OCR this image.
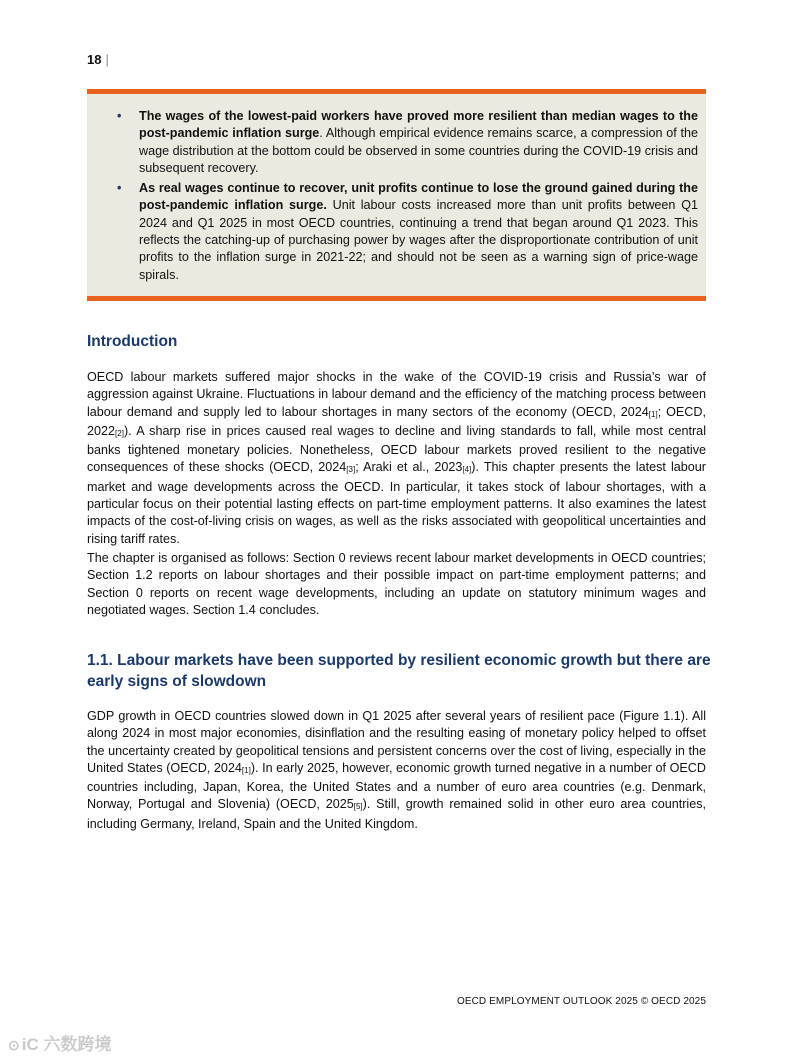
18 |
• The wages of the lowest-paid workers have proved more resilient than median wages to the post-pandemic inflation surge. Although empirical evidence remains scarce, a compression of the wage distribution at the bottom could be observed in some countries during the COVID-19 crisis and subsequent recovery.
• As real wages continue to recover, unit profits continue to lose the ground gained during the post-pandemic inflation surge. Unit labour costs increased more than unit profits between Q1 2024 and Q1 2025 in most OECD countries, continuing a trend that began around Q1 2023. This reflects the catching-up of purchasing power by wages after the disproportionate contribution of unit profits to the inflation surge in 2021-22; and should not be seen as a warning sign of price-wage spirals.
Introduction

OECD labour markets suffered major shocks in the wake of the COVID-19 crisis and Russia’s war of aggression against Ukraine. Fluctuations in labour demand and the efficiency of the matching process between labour demand and supply led to labour shortages in many sectors of the economy (OECD, $2024_{[1]}$; OECD, $2022_{[2]}$). A sharp rise in prices caused real wages to decline and living standards to fall, while most central banks tightened monetary policies. Nonetheless, OECD labour markets proved resilient to the negative consequences of these shocks (OECD, $2024_{[3]}$; Araki et al., $2023_{[4]}$). This chapter presents the latest labour market and wage developments across the OECD. In particular, it takes stock of labour shortages, with a particular focus on their potential lasting effects on part-time employment patterns. It also examines the latest impacts of the cost-of-living crisis on wages, as well as the risks associated with geopolitical uncertainties and rising tariff rates.

The chapter is organised as follows: Section 0 reviews recent labour market developments in OECD countries; Section 1.2 reports on labour shortages and their possible impact on part-time employment patterns; and Section 0 reports on recent wage developments, including an update on statutory minimum wages and negotiated wages. Section 1.4 concludes.

1.1. Labour markets have been supported by resilient economic growth but there are early signs of slowdown

GDP growth in OECD countries slowed down in Q1 2025 after several years of resilient pace (Figure 1.1). All along 2024 in most major economies, disinflation and the resulting easing of monetary policy helped to offset the uncertainty created by geopolitical tensions and persistent concerns over the cost of living, especially in the United States (OECD, $2024_{[1]}$). In early 2025, however, economic growth turned negative in a number of OECD countries including, Japan, Korea, the United States and a number of euro area countries (e.g. Denmark, Norway, Portugal and Slovenia) (OECD, $2025_{[5]}$). Still, growth remained solid in other euro area countries, including Germany, Ireland, Spain and the United Kingdom.

OECD EMPLOYMENT OUTLOOK 2025 © OECD 2025
⊙ iC 六数跨境
